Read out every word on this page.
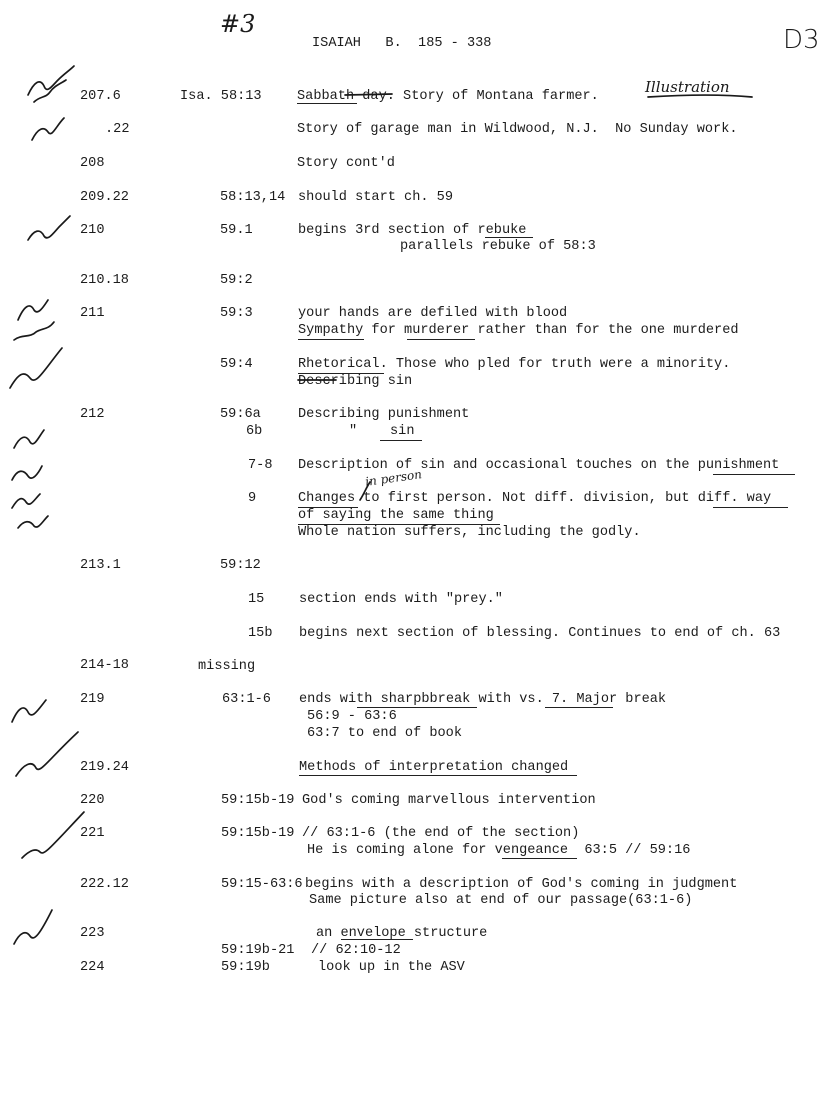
#3
ISAIAH   B.  185 - 338	D3
207.6	Isa. 58:13	Sabbath day. Story of Montana farmer.
Illustration
.22	Story of garage man in Wildwood, N.J.  No Sunday work.
208	Story cont'd
209.22	58:13,14 should start ch. 59
210	59.1	begins 3rd section of rebuke
parallels rebuke of 58:3
210.18	59:2
211	59:3	your hands are defiled with blood
Sympathy for murderer rather than for the one murdered
59:4	Rhetorical. Those who pled for truth were a minority.
Describing sin
212	59:6a	Describing punishment
6b	" sin
7-8 Description of sin and occasional touches on the punishment
9	Changes to first person. Not diff. division, but diff. way
of saying the same thing
Whole nation suffers, including the godly.
in person
213.1	59:12
15	section ends with "prey."
15b begins next section of blessing. Continues to end of ch. 63
214-18	missing
219	63:1-6 ends with sharpbbreak with vs. 7. Major break
56:9 - 63:6
63:7 to end of book
219.24	Methods of interpretation changed
220	59:15b-19 God's coming marvellous intervention
221	59:15b-19 // 63:1-6 (the end of the section)
He is coming alone for vengeance  63:5 // 59:16
222.12	59:15-63:6 begins with a description of God's coming in judgment
Same picture also at end of our passage(63:1-6)
223	an envelope structure
59:19b-21 // 62:10-12
224	59:19b	look up in the ASV
